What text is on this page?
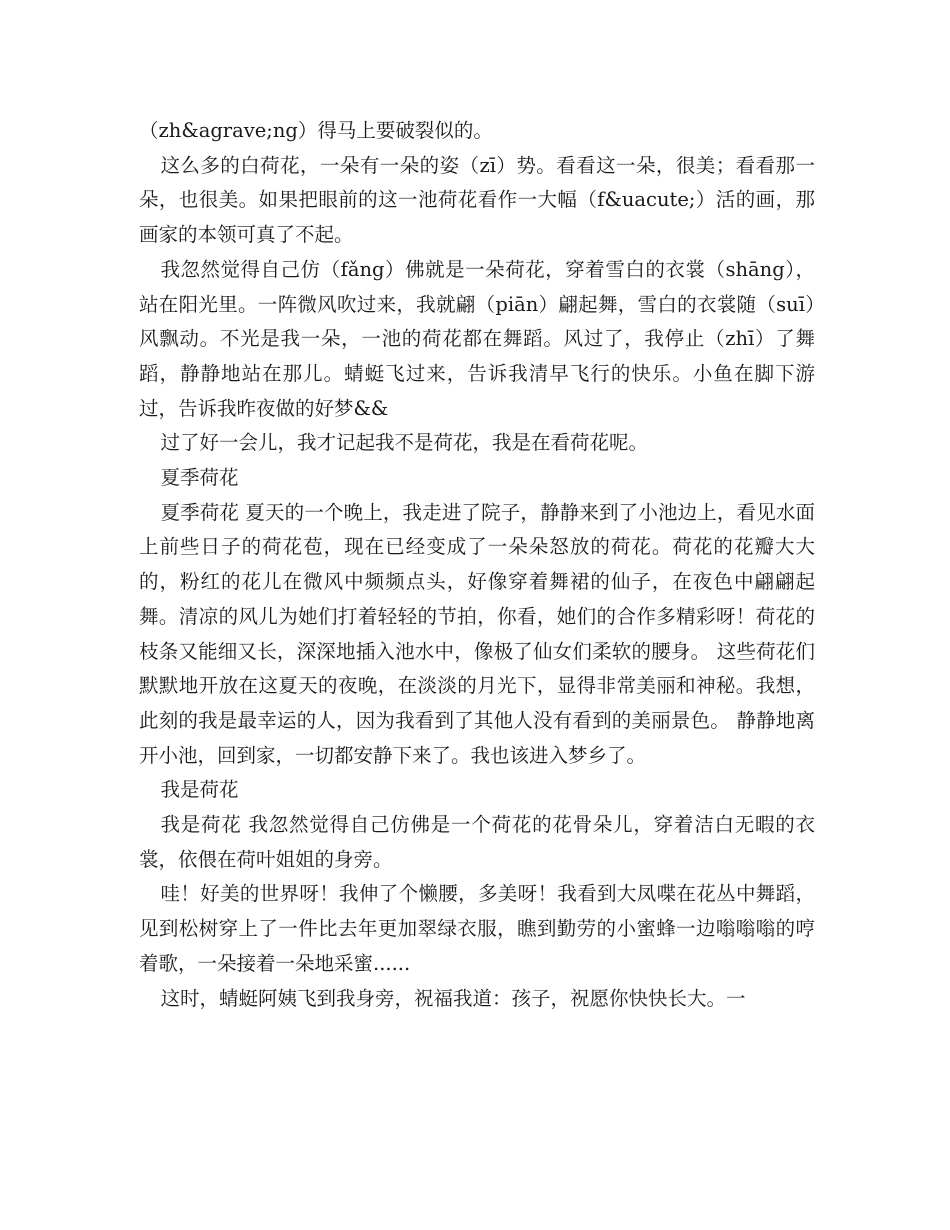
（zh&agrave;ng）得马上要破裂似的。

这么多的白荷花，一朵有一朵的姿（zī）势。看看这一朵，很美；看看那一朵，也很美。如果把眼前的这一池荷花看作一大幅（f&uacute;）活的画，那画家的本领可真了不起。

我忽然觉得自己仿（fǎng）佛就是一朵荷花，穿着雪白的衣裳（shāng），站在阳光里。一阵微风吹过来，我就翩（piān）翩起舞，雪白的衣裳随（suī）风飘动。不光是我一朵，一池的荷花都在舞蹈。风过了，我停止（zhī）了舞蹈，静静地站在那儿。蜻蜓飞过来，告诉我清早飞行的快乐。小鱼在脚下游过，告诉我昨夜做的好梦&&

过了好一会儿，我才记起我不是荷花，我是在看荷花呢。

夏季荷花

夏季荷花 夏天的一个晚上，我走进了院子，静静来到了小池边上，看见水面上前些日子的荷花苞，现在已经变成了一朵朵怒放的荷花。荷花的花瓣大大的，粉红的花儿在微风中频频点头，好像穿着舞裙的仙子，在夜色中翩翩起舞。清凉的风儿为她们打着轻轻的节拍，你看，她们的合作多精彩呀！荷花的枝条又能细又长，深深地插入池水中，像极了仙女们柔软的腰身。 这些荷花们默默地开放在这夏天的夜晚，在淡淡的月光下，显得非常美丽和神秘。我想，此刻的我是最幸运的人，因为我看到了其他人没有看到的美丽景色。 静静地离开小池，回到家，一切都安静下来了。我也该进入梦乡了。

我是荷花

我是荷花 我忽然觉得自己仿佛是一个荷花的花骨朵儿，穿着洁白无暇的衣裳，依偎在荷叶姐姐的身旁。

哇！好美的世界呀！我伸了个懒腰，多美呀！我看到大凤喋在花丛中舞蹈，见到松树穿上了一件比去年更加翠绿衣服，瞧到勤劳的小蜜蜂一边嗡嗡嗡的哼着歌，一朵接着一朵地采蜜......

这时，蜻蜓阿姨飞到我身旁，祝福我道：孩子，祝愿你快快长大。一
